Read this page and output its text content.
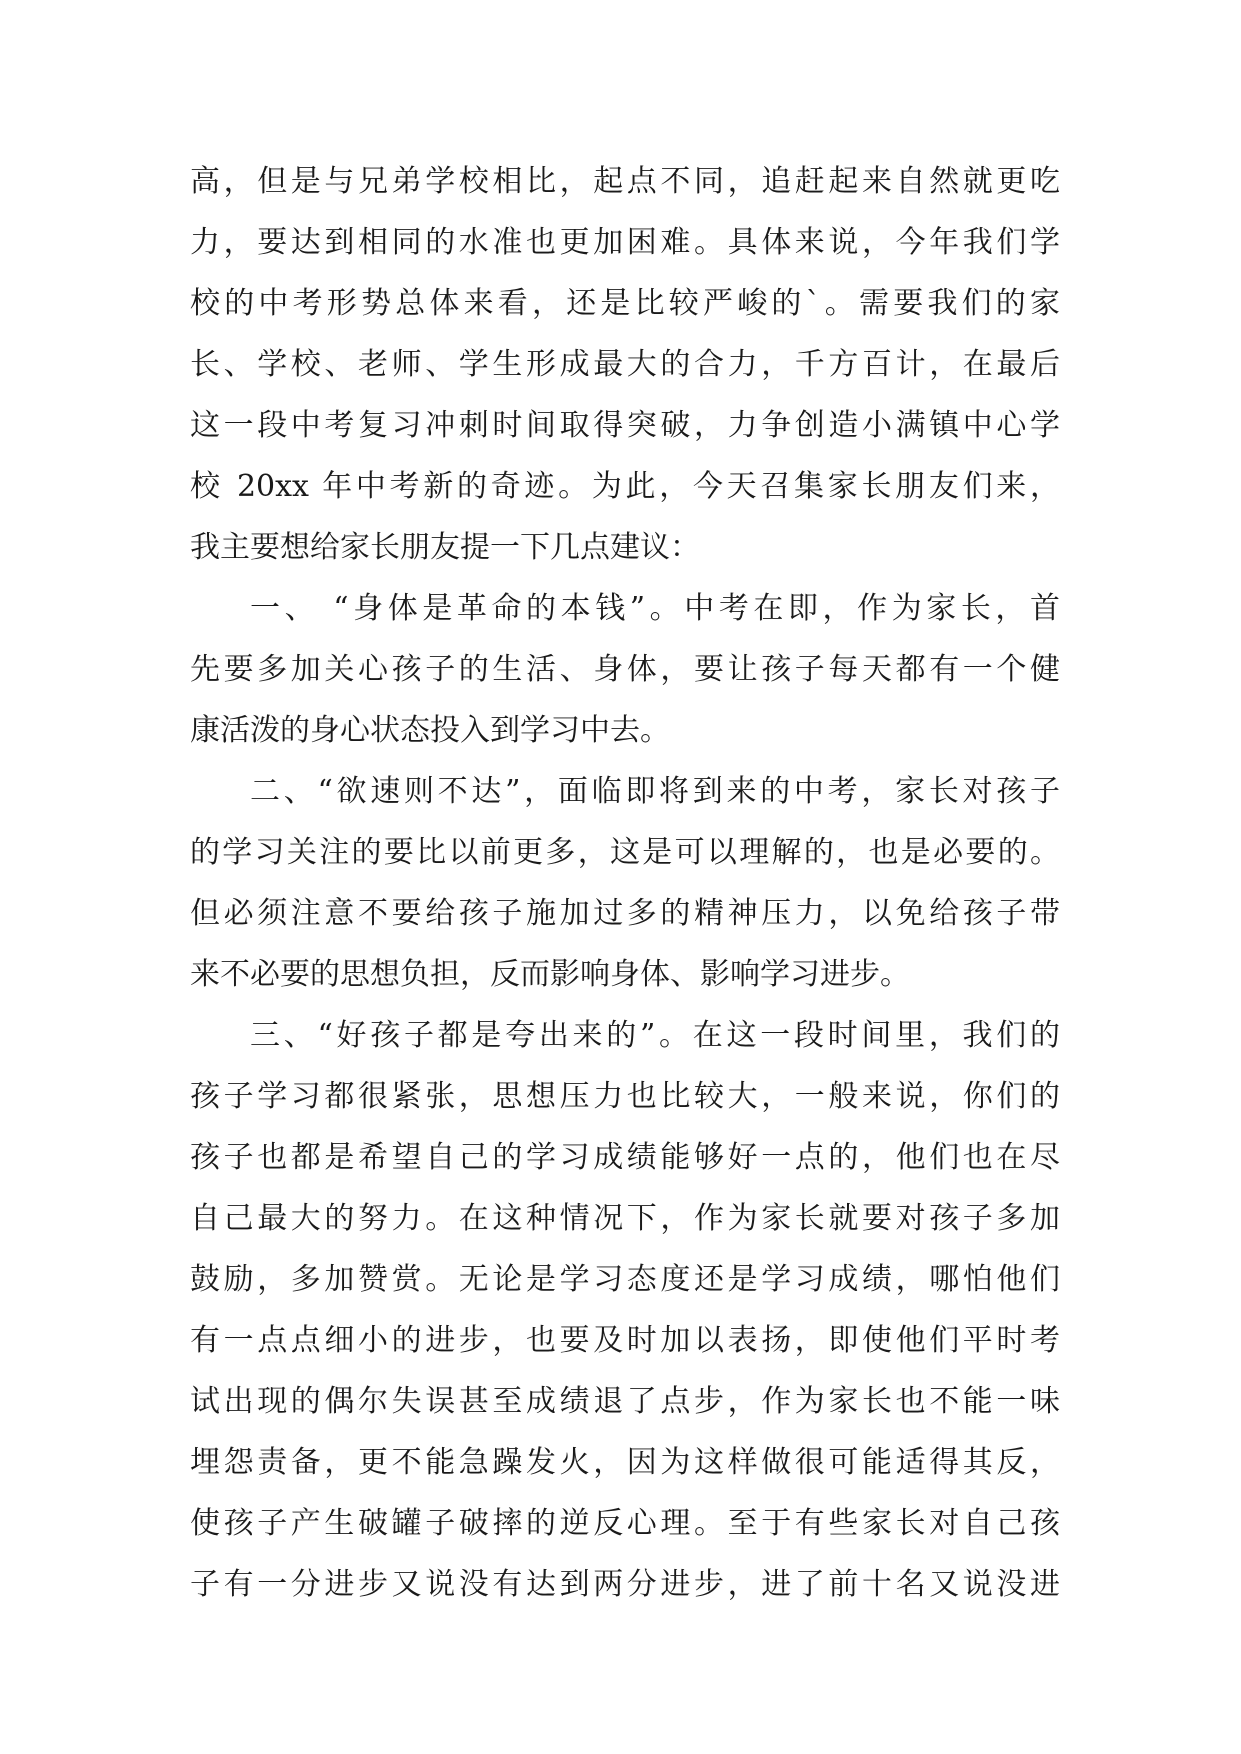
高，但是与兄弟学校相比，起点不同，追赶起来自然就更吃
力，要达到相同的水准也更加困难。具体来说，今年我们学
校的中考形势总体来看，还是比较严峻的`。需要我们的家
长、学校、老师、学生形成最大的合力，千方百计，在最后
这一段中考复习冲刺时间取得突破，力争创造小满镇中心学
校 20xx 年中考新的奇迹。为此，今天召集家长朋友们来，
我主要想给家长朋友提一下几点建议：
一、 “身体是革命的本钱”。中考在即，作为家长，首
先要多加关心孩子的生活、身体，要让孩子每天都有一个健
康活泼的身心状态投入到学习中去。
二、“欲速则不达”，面临即将到来的中考，家长对孩子
的学习关注的要比以前更多，这是可以理解的，也是必要的。
但必须注意不要给孩子施加过多的精神压力，以免给孩子带
来不必要的思想负担，反而影响身体、影响学习进步。
三、“好孩子都是夸出来的”。在这一段时间里，我们的
孩子学习都很紧张，思想压力也比较大，一般来说，你们的
孩子也都是希望自己的学习成绩能够好一点的，他们也在尽
自己最大的努力。在这种情况下，作为家长就要对孩子多加
鼓励，多加赞赏。无论是学习态度还是学习成绩，哪怕他们
有一点点细小的进步，也要及时加以表扬，即使他们平时考
试出现的偶尔失误甚至成绩退了点步，作为家长也不能一味
埋怨责备，更不能急躁发火，因为这样做很可能适得其反，
使孩子产生破罐子破摔的逆反心理。至于有些家长对自己孩
子有一分进步又说没有达到两分进步，进了前十名又说没进
